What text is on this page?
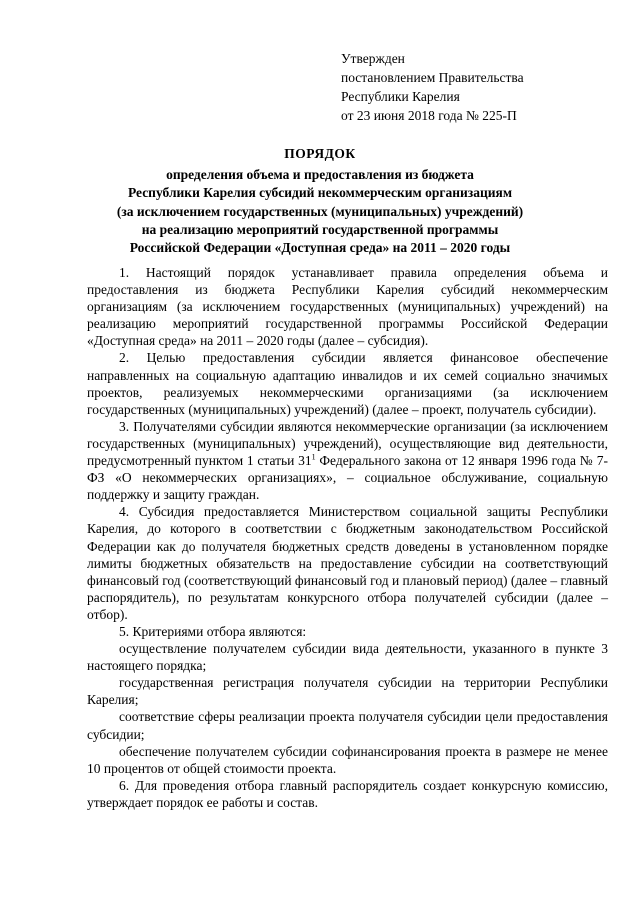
Утвержден
постановлением Правительства
Республики Карелия
от 23 июня 2018 года № 225-П
ПОРЯДОК
определения объема и предоставления из бюджета
Республики Карелия субсидий некоммерческим организациям
(за исключением государственных (муниципальных) учреждений)
на реализацию мероприятий государственной программы
Российской Федерации «Доступная среда» на 2011 – 2020 годы

1. Настоящий порядок устанавливает правила определения объема и предоставления из бюджета Республики Карелия субсидий некоммерческим организациям (за исключением государственных (муниципальных) учреждений) на реализацию мероприятий государственной программы Российской Федерации «Доступная среда» на 2011 – 2020 годы (далее – субсидия).

2. Целью предоставления субсидии является финансовое обеспечение направленных на социальную адаптацию инвалидов и их семей социально значимых проектов, реализуемых некоммерческими организациями (за исключением государственных (муниципальных) учреждений) (далее – проект, получатель субсидии).

3. Получателями субсидии являются некоммерческие организации (за исключением государственных (муниципальных) учреждений), осуществляющие вид деятельности, предусмотренный пунктом 1 статьи $31^1$ Федерального закона от 12 января 1996 года № 7-ФЗ «О некоммерческих организациях», – социальное обслуживание, социальную поддержку и защиту граждан.

4. Субсидия предоставляется Министерством социальной защиты Республики Карелия, до которого в соответствии с бюджетным законодательством Российской Федерации как до получателя бюджетных средств доведены в установленном порядке лимиты бюджетных обязательств на предоставление субсидии на соответствующий финансовый год (соответствующий финансовый год и плановый период) (далее – главный распорядитель), по результатам конкурсного отбора получателей субсидии (далее – отбор).

5. Критериями отбора являются:

осуществление получателем субсидии вида деятельности, указанного в пункте 3 настоящего порядка;

государственная регистрация получателя субсидии на территории Республики Карелия;

соответствие сферы реализации проекта получателя субсидии цели предоставления субсидии;

обеспечение получателем субсидии софинансирования проекта в размере не менее 10 процентов от общей стоимости проекта.

6. Для проведения отбора главный распорядитель создает конкурсную комиссию, утверждает порядок ее работы и состав.
